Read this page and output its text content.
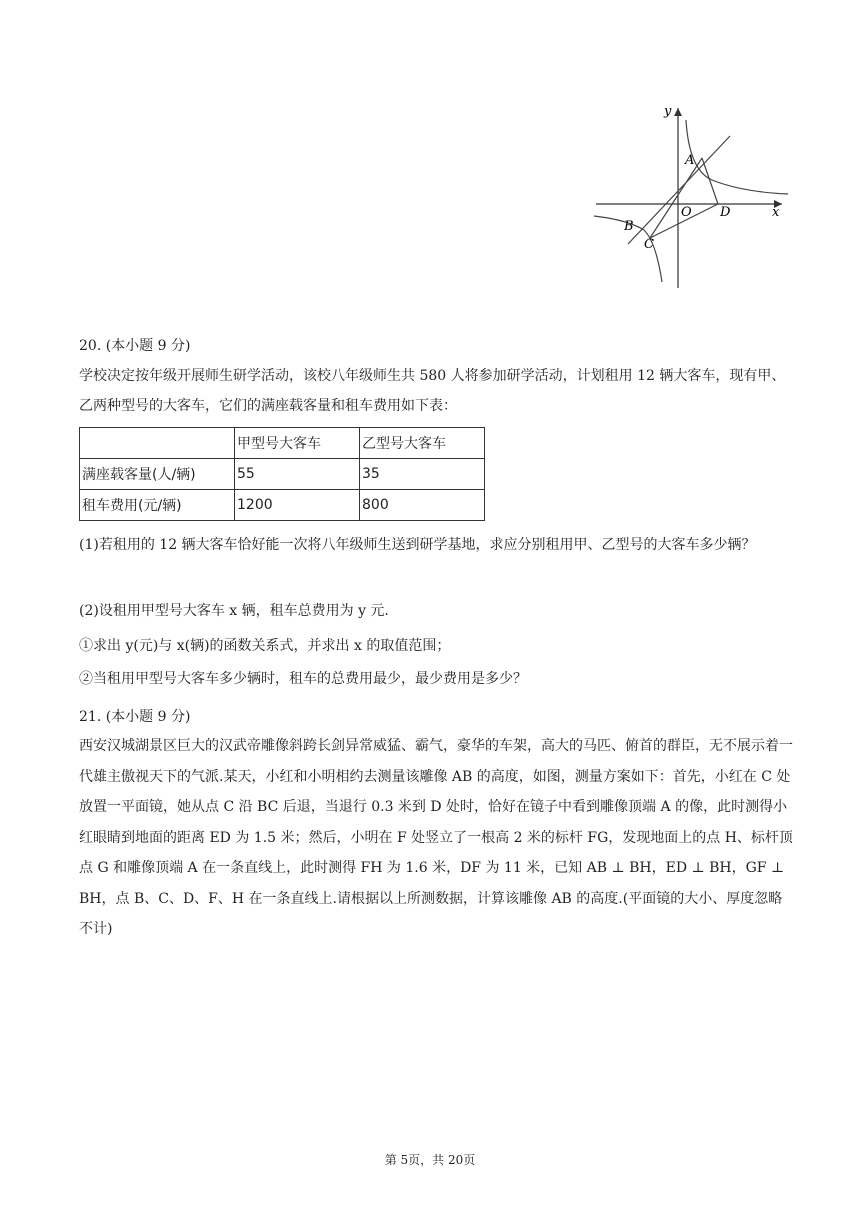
y
x
A
O D
B
C
20. (本小题 9 分)
学校决定按年级开展师生研学活动，该校八年级师生共 580 人将参加研学活动，计划租用 12 辆大客车，现有甲、乙两种型号的大客车，它们的满座载客量和租车费用如下表：
	甲型号大客车	乙型号大客车
满座载客量(人/辆)	55	35
租车费用(元/辆)	1200	800
(1)若租用的 12 辆大客车恰好能一次将八年级师生送到研学基地，求应分别租用甲、乙型号的大客车多少辆？
(2)设租用甲型号大客车 x 辆，租车总费用为 y 元.
①求出 y(元)与 x(辆)的函数关系式，并求出 x 的取值范围；
②当租用甲型号大客车多少辆时，租车的总费用最少，最少费用是多少？
21. (本小题 9 分)
西安汉城湖景区巨大的汉武帝雕像斜跨长剑异常威猛、霸气，豪华的车架，高大的马匹、俯首的群臣，无不展示着一代雄主傲视天下的气派.某天，小红和小明相约去测量该雕像 AB 的高度，如图，测量方案如下：首先，小红在 C 处放置一平面镜，她从点 C 沿 BC 后退，当退行 0.3 米到 D 处时，恰好在镜子中看到雕像顶端 A 的像，此时测得小红眼睛到地面的距离 ED 为 1.5 米；然后，小明在 F 处竖立了一根高 2 米的标杆 FG，发现地面上的点 H、标杆顶点 G 和雕像顶端 A 在一条直线上，此时测得 FH 为 1.6 米，DF 为 11 米，已知 AB ⊥ BH，ED ⊥ BH，GF ⊥ BH，点 B、C、D、F、H 在一条直线上.请根据以上所测数据，计算该雕像 AB 的高度.(平面镜的大小、厚度忽略不计)
第 5页，共 20页
